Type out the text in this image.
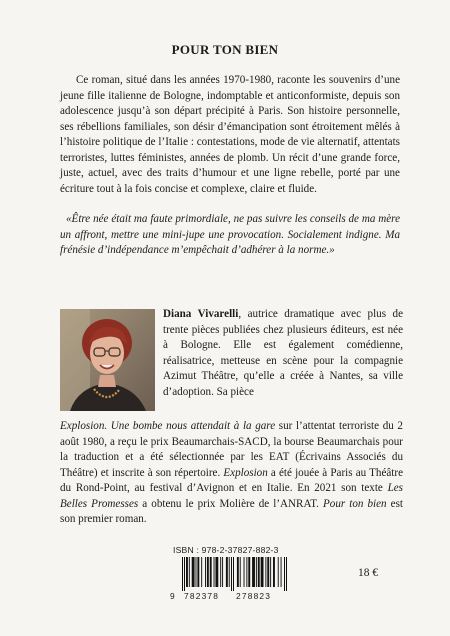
POUR TON BIEN

Ce roman, situé dans les années 1970-1980, raconte les souvenirs d’une jeune fille italienne de Bologne, indomptable et anticonformiste, depuis son adolescence jusqu’à son départ précipité à Paris. Son histoire personnelle, ses rébellions familiales, son désir d’émancipation sont étroitement mêlés à l’histoire politique de l’Italie : contestations, mode de vie alternatif, attentats terroristes, luttes féministes, années de plomb. Un récit d’une grande force, juste, actuel, avec des traits d’humour et une ligne rebelle, porté par une écriture tout à la fois concise et complexe, claire et fluide.

«Être née était ma faute primordiale, ne pas suivre les conseils de ma mère un affront, mettre une mini-jupe une provocation. Socialement indigne. Ma frénésie d’indépendance m’empêchait d’adhérer à la norme.»

Diana Vivarelli, autrice dramatique avec plus de trente pièces publiées chez plusieurs éditeurs, est née à Bologne. Elle est également comédienne, réalisatrice, metteuse en scène pour la compagnie Azimut Théâtre, qu’elle a créée à Nantes, sa ville d’adoption. Sa pièce

Explosion. Une bombe nous attendait à la gare sur l’attentat terroriste du 2 août 1980, a reçu le prix Beaumarchais-SACD, la bourse Beaumarchais pour la traduction et a été sélectionnée par les EAT (Écrivains Associés du Théâtre) et inscrite à son répertoire. Explosion a été jouée à Paris au Théâtre du Rond-Point, au festival d’Avignon et en Italie. En 2021 son texte Les Belles Promesses a obtenu le prix Molière de l’ANRAT. Pour ton bien est son premier roman.

ISBN : 978-2-37827-882-3
9 782378 278823
18 €
